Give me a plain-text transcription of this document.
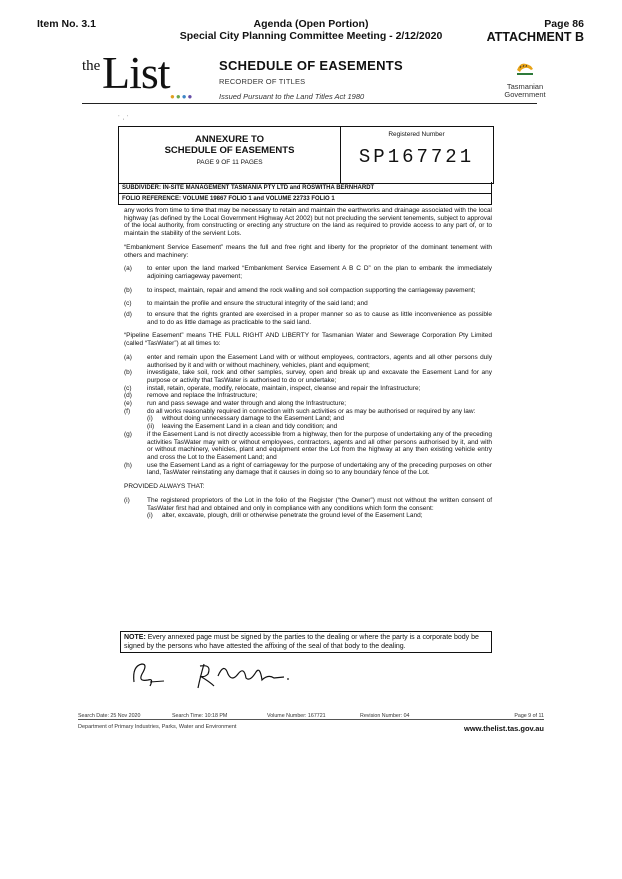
Item No. 3.1	Agenda (Open Portion)
Special City Planning Committee Meeting - 2/12/2020
Page 86
ATTACHMENT B
the List ●●●●
SCHEDULE OF EASEMENTS
RECORDER OF TITLES
Issued Pursuant to the Land Titles Act 1980
Tasmanian
Government
˙ · ˙
ANNEXURE TO
SCHEDULE OF EASEMENTS
PAGE 9 OF 11 PAGES
Registered Number
SP167721
SUBDIVIDER: IN-SITE MANAGEMENT TASMANIA PTY LTD and ROSWITHA BERNHARDT
FOLIO REFERENCE: VOLUME 19867 FOLIO 1 and VOLUME 22733 FOLIO 1

any works from time to time that may be necessary to retain and maintain the earthworks and drainage associated with the local highway (as defined by the Local Government Highway Act 2002) but not precluding the servient tenements, subject to approval of the local authority, from constructing or erecting any structure on the land as required to provide access to any part of, or to maintain the stability of the servient Lots.

“Embankment Service Easement” means the full and free right and liberty for the proprietor of the dominant tenement with others and machinery:

(a)	to enter upon the land marked “Embankment Service Easement A B C D” on the plan to embank the immediately adjoining carriageway pavement;
(b)	to inspect, maintain, repair and amend the rock walling and soil compaction supporting the carriageway pavement;
(c)	to maintain the profile and ensure the structural integrity of the said land; and
(d)	to ensure that the rights granted are exercised in a proper manner so as to cause as little inconvenience as possible and to do as little damage as practicable to the said land.

“Pipeline Easement” means THE FULL RIGHT AND LIBERTY for Tasmanian Water and Sewerage Corporation Pty Limited (called “TasWater”) at all times to:

(a)	enter and remain upon the Easement Land with or without employees, contractors, agents and all other persons duly authorised by it and with or without machinery, vehicles, plant and equipment;
(b)	investigate, take soil, rock and other samples, survey, open and break up and excavate the Easement Land for any purpose or activity that TasWater is authorised to do or undertake;
(c)	install, retain, operate, modify, relocate, maintain, inspect, cleanse and repair the Infrastructure;
(d)	remove and replace the Infrastructure;
(e)	run and pass sewage and water through and along the Infrastructure;
(f)	do all works reasonably required in connection with such activities or as may be authorised or required by any law:
(i)	without doing unnecessary damage to the Easement Land; and
(ii)	leaving the Easement Land in a clean and tidy condition; and
(g)	if the Easement Land is not directly accessible from a highway, then for the purpose of undertaking any of the preceding activities TasWater may with or without employees, contractors, agents and all other persons authorised by it, and with or without machinery, vehicles, plant and equipment enter the Lot from the highway at any then existing vehicle entry and cross the Lot to the Easement Land; and
(h)	use the Easement Land as a right of carriageway for the purpose of undertaking any of the preceding purposes on other land, TasWater reinstating any damage that it causes in doing so to any boundary fence of the Lot.

PROVIDED ALWAYS THAT:

(i)	The registered proprietors of the Lot in the folio of the Register (“the Owner”) must not without the written consent of TasWater first had and obtained and only in compliance with any conditions which form the consent:
(i)	alter, excavate, plough, drill or otherwise penetrate the ground level of the Easement Land;
NOTE: Every annexed page must be signed by the parties to the dealing or where the party is a corporate body be signed by the persons who have attested the affixing of the seal of that body to the dealing.
Search Date: 25 Nov 2020	Search Time: 10:18 PM	Volume Number: 167721	Revision Number: 04	Page 9 of 11
Department of Primary Industries, Parks, Water and Environment	www.thelist.tas.gov.au
